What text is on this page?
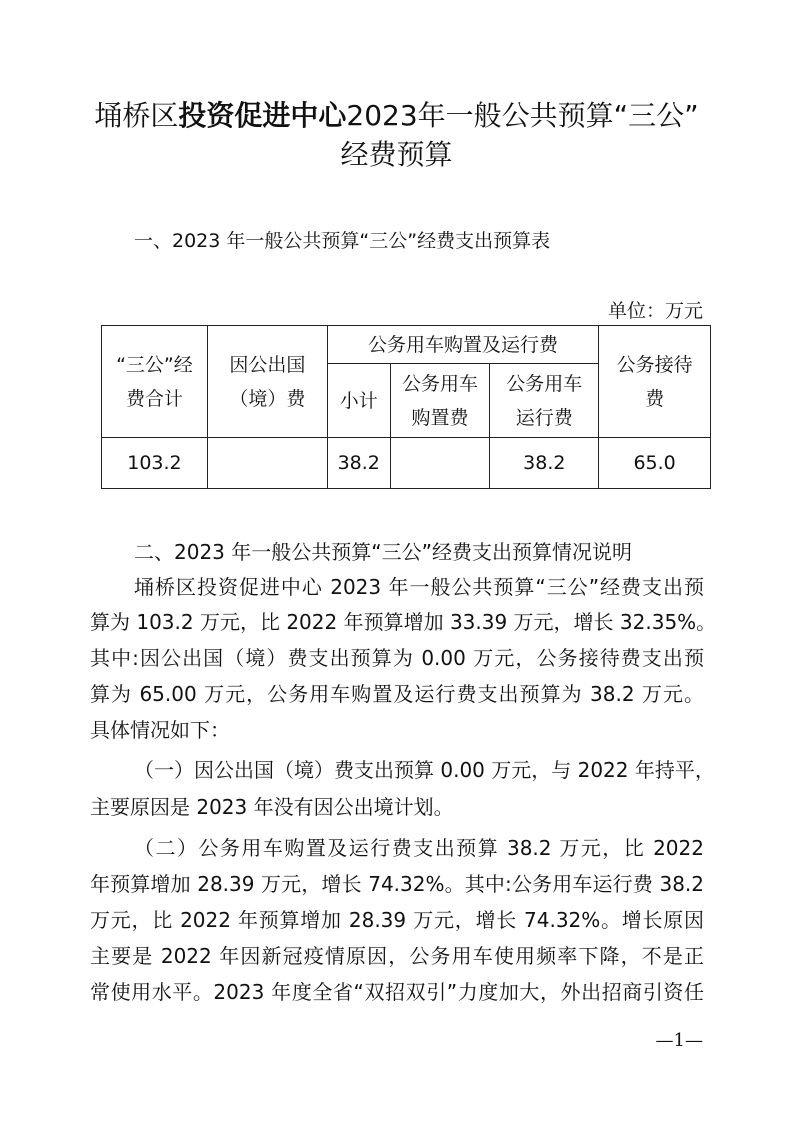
埇桥区投资促进中心2023年一般公共预算“三公”
经费预算
一、2023 年一般公共预算“三公”经费支出预算表
单位：万元
“三公”经费合计	因公出国（境）费	公务用车购置及运行费			公务接待费
		小计	公务用车购置费	公务用车运行费	
103.2		38.2		38.2	65.0
二、2023 年一般公共预算“三公”经费支出预算情况说明
埇桥区投资促进中心 2023 年一般公共预算“三公”经费支出预
算为 103.2 万元，比 2022 年预算增加 33.39 万元，增长 32.35%。
其中:因公出国（境）费支出预算为 0.00 万元，公务接待费支出预
算为 65.00 万元，公务用车购置及运行费支出预算为 38.2 万元。
具体情况如下：
（一）因公出国（境）费支出预算 0.00 万元，与 2022 年持平，
主要原因是 2023 年没有因公出境计划。
（二）公务用车购置及运行费支出预算 38.2 万元，比 2022
年预算增加 28.39 万元，增长 74.32%。其中:公务用车运行费 38.2
万元，比 2022 年预算增加 28.39 万元，增长 74.32%。增长原因
主要是 2022 年因新冠疫情原因，公务用车使用频率下降，不是正
常使用水平。2023 年度全省“双招双引”力度加大，外出招商引资任
—1—
